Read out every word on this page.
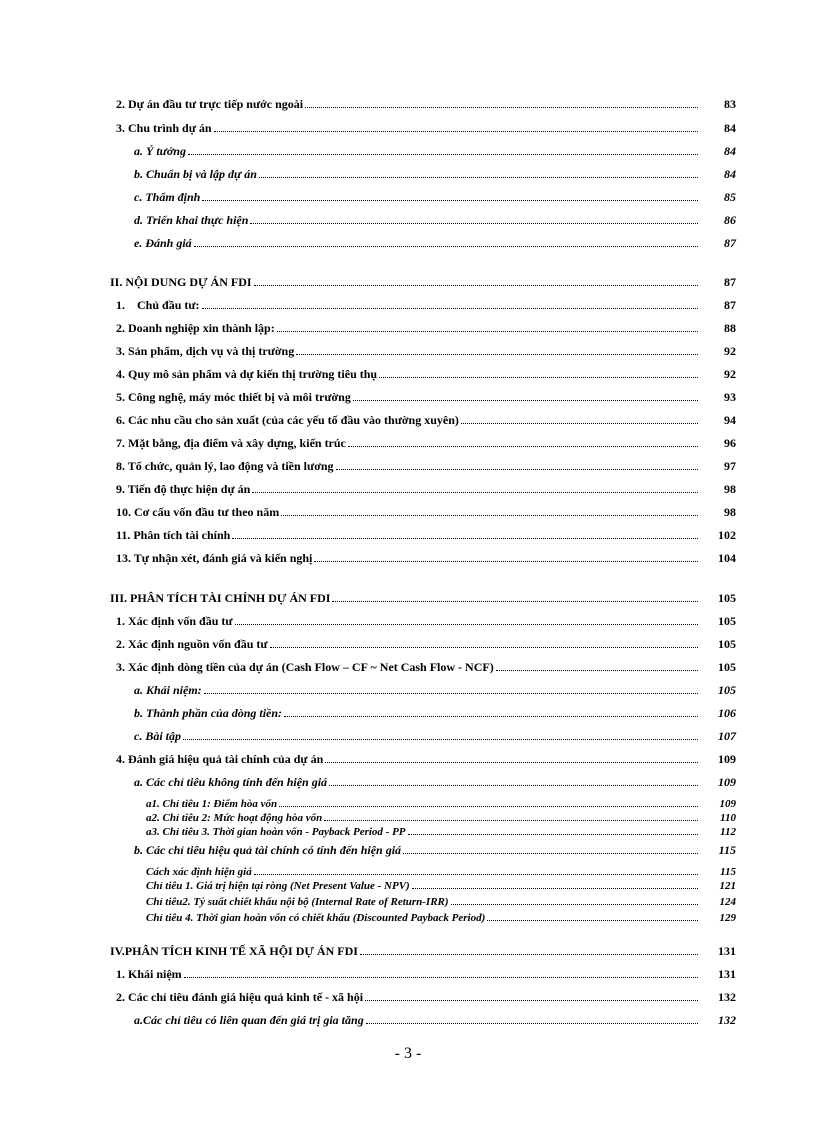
2. Dự án đầu tư trực tiếp nước ngoài	83
3. Chu trình dự án	84
a. Ý tưởng	84
b. Chuẩn bị và lập dự án	84
c. Thẩm định	85
d. Triển khai thực hiện	86
e. Đánh giá	87
II. NỘI DUNG DỰ ÁN FDI	87
1.    Chủ đầu tư:	87
2. Doanh nghiệp xin thành lập:	88
3. Sản phẩm, dịch vụ và thị trường	92
4. Quy mô sản phẩm và dự kiến thị trường tiêu thụ	92
5. Công nghệ, máy móc thiết bị và môi trường	93
6. Các nhu cầu cho sản xuất (của các yếu tố đầu vào thường xuyên)	94
7. Mặt bằng, địa điểm và xây dựng, kiến trúc	96
8. Tổ chức, quản lý, lao động và tiền lương	97
9. Tiến độ thực hiện dự án	98
10. Cơ cấu vốn đầu tư theo năm	98
11. Phân tích tài chính	102
13. Tự nhận xét, đánh giá và kiến nghị	104
III. PHÂN TÍCH TÀI CHÍNH DỰ ÁN FDI	105
1. Xác định vốn đầu tư	105
2. Xác định nguồn vốn đầu tư	105
3. Xác định dòng tiền của dự án (Cash Flow – CF ~ Net Cash Flow - NCF)	105
a. Khái niệm:	105
b. Thành phần của dòng tiền:	106
c. Bài tập	107
4. Đánh giá hiệu quả tài chính của dự án	109
a. Các chỉ tiêu không tính đến hiện giá	109
a1. Chỉ tiêu 1: Điểm hòa vốn	109
a2. Chỉ tiêu 2: Mức hoạt động hòa vốn	110
a3. Chỉ tiêu 3. Thời gian hoàn vốn - Payback Period - PP	112
b. Các chỉ tiêu hiệu quả tài chính có tính đến hiện giá	115
Cách xác định hiện giá	115
Chỉ tiêu 1. Giá trị hiện tại ròng (Net Present Value - NPV)	121
Chỉ tiêu2. Tỷ suất chiết khấu nội bộ (Internal Rate of Return-IRR)	124
Chỉ tiêu 4. Thời gian hoàn vốn có chiết khấu (Discounted Payback Period)	129
IV.PHÂN TÍCH KINH TẾ XÃ HỘI DỰ ÁN FDI	131
1. Khái niệm	131
2. Các chỉ tiêu đánh giá hiệu quả kinh tế - xã hội	132
a.Các chỉ tiêu có liên quan đến giá trị gia tăng	132
- 3 -
